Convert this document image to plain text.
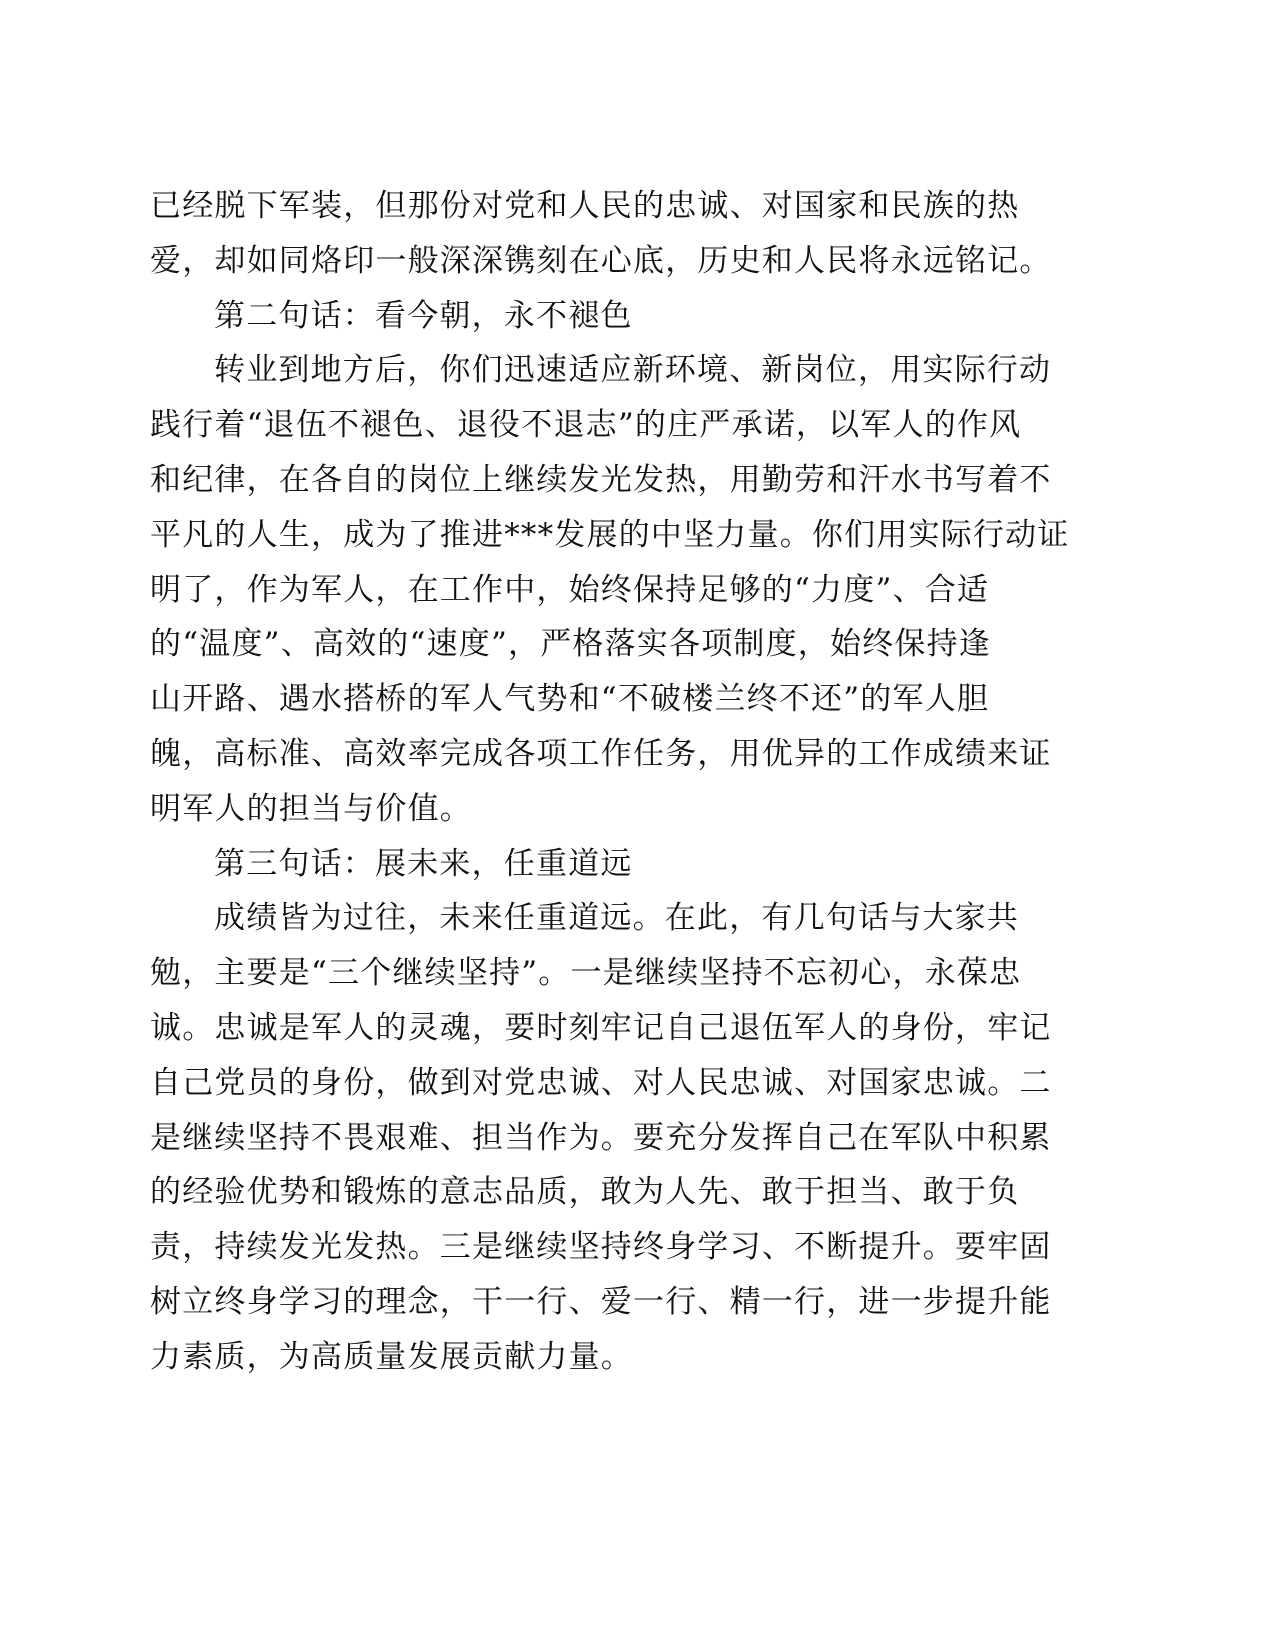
已经脱下军装，但那份对党和人民的忠诚、对国家和民族的热
爱，却如同烙印一般深深镌刻在心底，历史和人民将永远铭记。
第二句话：看今朝，永不褪色
转业到地方后，你们迅速适应新环境、新岗位，用实际行动
践行着“退伍不褪色、退役不退志”的庄严承诺，以军人的作风
和纪律，在各自的岗位上继续发光发热，用勤劳和汗水书写着不
平凡的人生，成为了推进***发展的中坚力量。你们用实际行动证
明了，作为军人，在工作中，始终保持足够的“力度”、合适
的“温度”、高效的“速度”，严格落实各项制度，始终保持逢
山开路、遇水搭桥的军人气势和“不破楼兰终不还”的军人胆
魄，高标准、高效率完成各项工作任务，用优异的工作成绩来证
明军人的担当与价值。
第三句话：展未来，任重道远
成绩皆为过往，未来任重道远。在此，有几句话与大家共
勉，主要是“三个继续坚持”。一是继续坚持不忘初心，永葆忠
诚。忠诚是军人的灵魂，要时刻牢记自己退伍军人的身份，牢记
自己党员的身份，做到对党忠诚、对人民忠诚、对国家忠诚。二
是继续坚持不畏艰难、担当作为。要充分发挥自己在军队中积累
的经验优势和锻炼的意志品质，敢为人先、敢于担当、敢于负
责，持续发光发热。三是继续坚持终身学习、不断提升。要牢固
树立终身学习的理念，干一行、爱一行、精一行，进一步提升能
力素质，为高质量发展贡献力量。
